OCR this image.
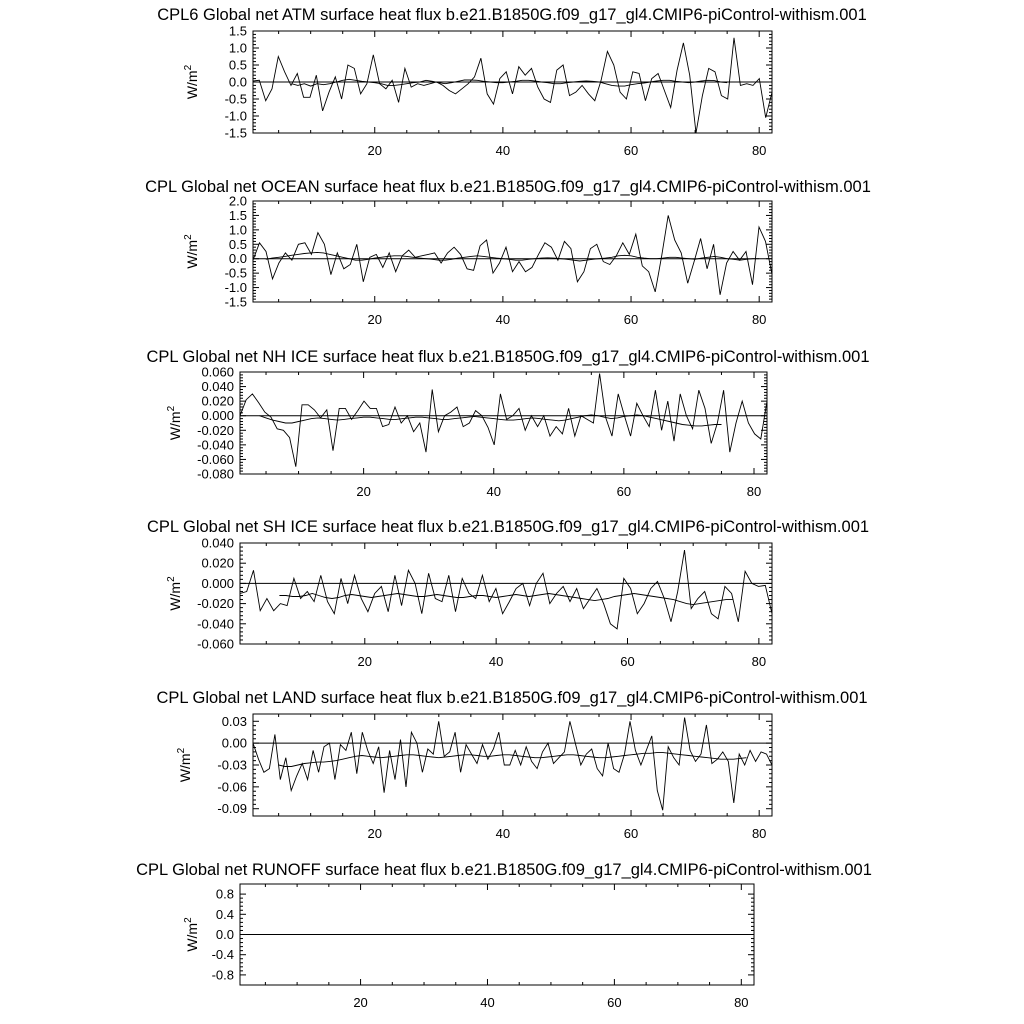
CPL6 Global net ATM surface heat flux b.e21.B1850G.f09_g17_gl4.CMIP6-piControl-withism.001
20	40	60	80
1.5
1.0
0.5
0.0
-0.5
-1.0
-1.5
$W/m^2$
CPL Global net OCEAN surface heat flux b.e21.B1850G.f09_g17_gl4.CMIP6-piControl-withism.001
20	40	60	80
2.0
1.5
1.0
0.5
0.0
-0.5
-1.0
-1.5
$W/m^2$
CPL Global net NH ICE surface heat flux b.e21.B1850G.f09_g17_gl4.CMIP6-piControl-withism.001
20	40	60	80
0.060
0.040
0.020
0.000
-0.020
-0.040
-0.060
-0.080
$W/m^2$
CPL Global net SH ICE surface heat flux b.e21.B1850G.f09_g17_gl4.CMIP6-piControl-withism.001
20	40	60	80
0.040
0.020
0.000
-0.020
-0.040
-0.060
$W/m^2$
CPL Global net LAND surface heat flux b.e21.B1850G.f09_g17_gl4.CMIP6-piControl-withism.001
20	40	60	80
0.03
0.00
-0.03
-0.06
-0.09
$W/m^2$
CPL Global net RUNOFF surface heat flux b.e21.B1850G.f09_g17_gl4.CMIP6-piControl-withism.001
20	40	60	80
0.8
0.4
0.0
-0.4
-0.8
$W/m^2$
